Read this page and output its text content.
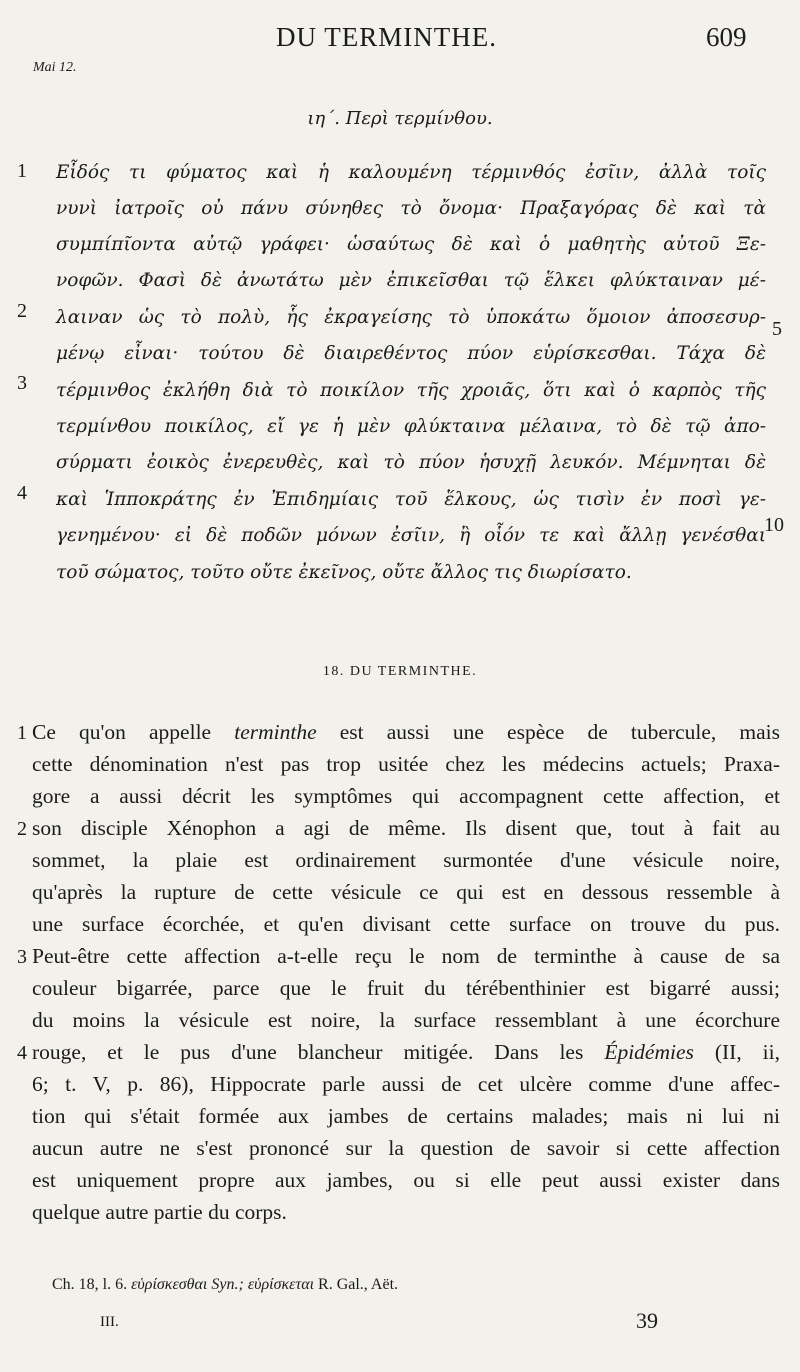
DU TERMINTHE.	609
Mai 12.
ιη΄. Περὶ τερμίνθου.
Εἶδός τι φύματος καὶ ἡ καλουμένη τέρμινθός ἐσῖιν, ἀλλὰ τοῖς
νυνὶ ἰατροῖς οὐ πάνυ σύνηθες τὸ ὄνομα· Πραξαγόρας δὲ καὶ τὰ
συμπίπῖοντα αὐτῷ γράφει· ὡσαύτως δὲ καὶ ὁ μαθητὴς αὐτοῦ Ξε-
νοφῶν. Φασὶ δὲ ἀνωτάτω μὲν ἐπικεῖσθαι τῷ ἕλκει φλύκταιναν μέ-
λαιναν ὡς τὸ πολὺ, ἧς ἐκραγείσης τὸ ὑποκάτω ὅμοιον ἀποσεσυρ-
μένῳ εἶναι· τούτου δὲ διαιρεθέντος πύον εὑρίσκεσθαι. Τάχα δὲ
τέρμινθος ἐκλήθη διὰ τὸ ποικίλον τῆς χροιᾶς, ὅτι καὶ ὁ καρπὸς τῆς
τερμίνθου ποικίλος, εἴ γε ἡ μὲν φλύκταινα μέλαινα, τὸ δὲ τῷ ἀπο-
σύρματι ἐοικὸς ἐνερευθὲς, καὶ τὸ πύον ἡσυχῇ λευκόν. Μέμνηται δὲ
καὶ Ἱπποκράτης ἐν Ἐπιδημίαις τοῦ ἕλκους, ὡς τισὶν ἐν ποσὶ γε-
γενημένου· εἰ δὲ ποδῶν μόνων ἐσῖιν, ἢ οἷόν τε καὶ ἄλλῃ γενέσθαι
τοῦ σώματος, τοῦτο οὔτε ἐκεῖνος, οὔτε ἄλλος τις διωρίσατο.
1
2
3
4
5
10
18. DU TERMINTHE.
Ce qu'on appelle terminthe est aussi une espèce de tubercule, mais
cette dénomination n'est pas trop usitée chez les médecins actuels; Praxa-
gore a aussi décrit les symptômes qui accompagnent cette affection, et
son disciple Xénophon a agi de même. Ils disent que, tout à fait au
sommet, la plaie est ordinairement surmontée d'une vésicule noire,
qu'après la rupture de cette vésicule ce qui est en dessous ressemble à
une surface écorchée, et qu'en divisant cette surface on trouve du pus.
Peut-être cette affection a-t-elle reçu le nom de terminthe à cause de sa
couleur bigarrée, parce que le fruit du térébenthinier est bigarré aussi;
du moins la vésicule est noire, la surface ressemblant à une écorchure
rouge, et le pus d'une blancheur mitigée. Dans les Épidémies (II, ii,
6; t. V, p. 86), Hippocrate parle aussi de cet ulcère comme d'une affec-
tion qui s'était formée aux jambes de certains malades; mais ni lui ni
aucun autre ne s'est prononcé sur la question de savoir si cette affection
est uniquement propre aux jambes, ou si elle peut aussi exister dans
quelque autre partie du corps.
1
2
3
4
Ch. 18, l. 6. εὑρίσκεσθαι Syn.; εὑρίσκεται R. Gal., Aët.
III.	39
